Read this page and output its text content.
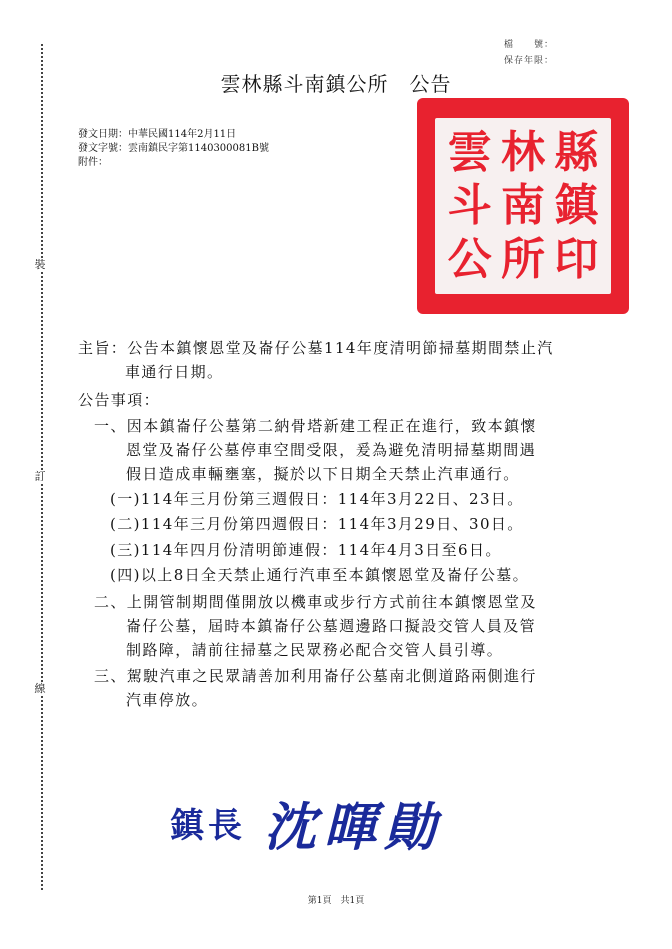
裝
訂
線
檔　　號：
保存年限：
雲林縣斗南鎮公所　公告
發文日期：中華民國114年2月11日
發文字號：雲南鎮民字第1140300081B號
附件：	雲 林 縣
斗 南 鎮
公 所 印
主旨：公告本鎮懷恩堂及崙仔公墓114年度清明節掃墓期間禁止汽
車通行日期。
公告事項：
一、因本鎮崙仔公墓第二納骨塔新建工程正在進行，致本鎮懷
恩堂及崙仔公墓停車空間受限，爰為避免清明掃墓期間遇
假日造成車輛壅塞，擬於以下日期全天禁止汽車通行。
(一)114年三月份第三週假日：114年3月22日、23日。
(二)114年三月份第四週假日：114年3月29日、30日。
(三)114年四月份清明節連假：114年4月3日至6日。
(四)以上8日全天禁止通行汽車至本鎮懷恩堂及崙仔公墓。
二、上開管制期間僅開放以機車或步行方式前往本鎮懷恩堂及
崙仔公墓，屆時本鎮崙仔公墓週邊路口擬設交管人員及管
制路障，請前往掃墓之民眾務必配合交管人員引導。
三、駕駛汽車之民眾請善加利用崙仔公墓南北側道路兩側進行
汽車停放。
鎮長 沈暉勛
第1頁　共1頁
